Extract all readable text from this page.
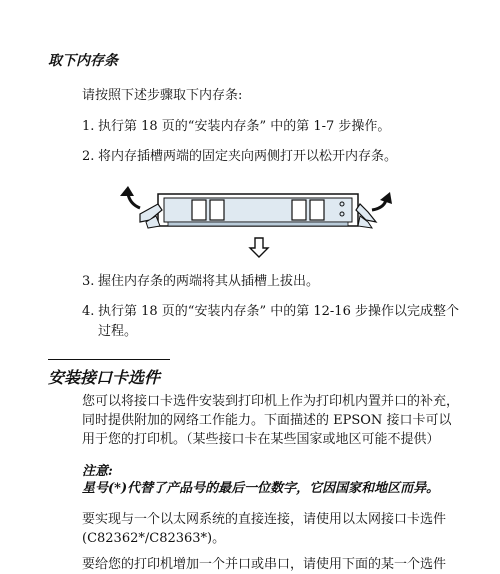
取下内存条
请按照下述步骤取下内存条:
1. 执行第 18 页的“安装内存条” 中的第 1-7 步操作。
2. 将内存插槽两端的固定夹向两侧打开以松开内存条。
3. 握住内存条的两端将其从插槽上拔出。
4. 执行第 18 页的“安装内存条” 中的第 12-16 步操作以完成整个过程。
安装接口卡选件
您可以将接口卡选件安装到打印机上作为打印机内置并口的补充，同时提供附加的网络工作能力。下面描述的 EPSON 接口卡可以用于您的打印机。（某些接口卡在某些国家或地区可能不提供）
注意:
星号(*)代替了产品号的最后一位数字，它因国家和地区而异。
要实现与一个以太网系统的直接连接，请使用以太网接口卡选件 (C82362*/C82363*)。
要给您的打印机增加一个并口或串口，请使用下面的某一个选件
